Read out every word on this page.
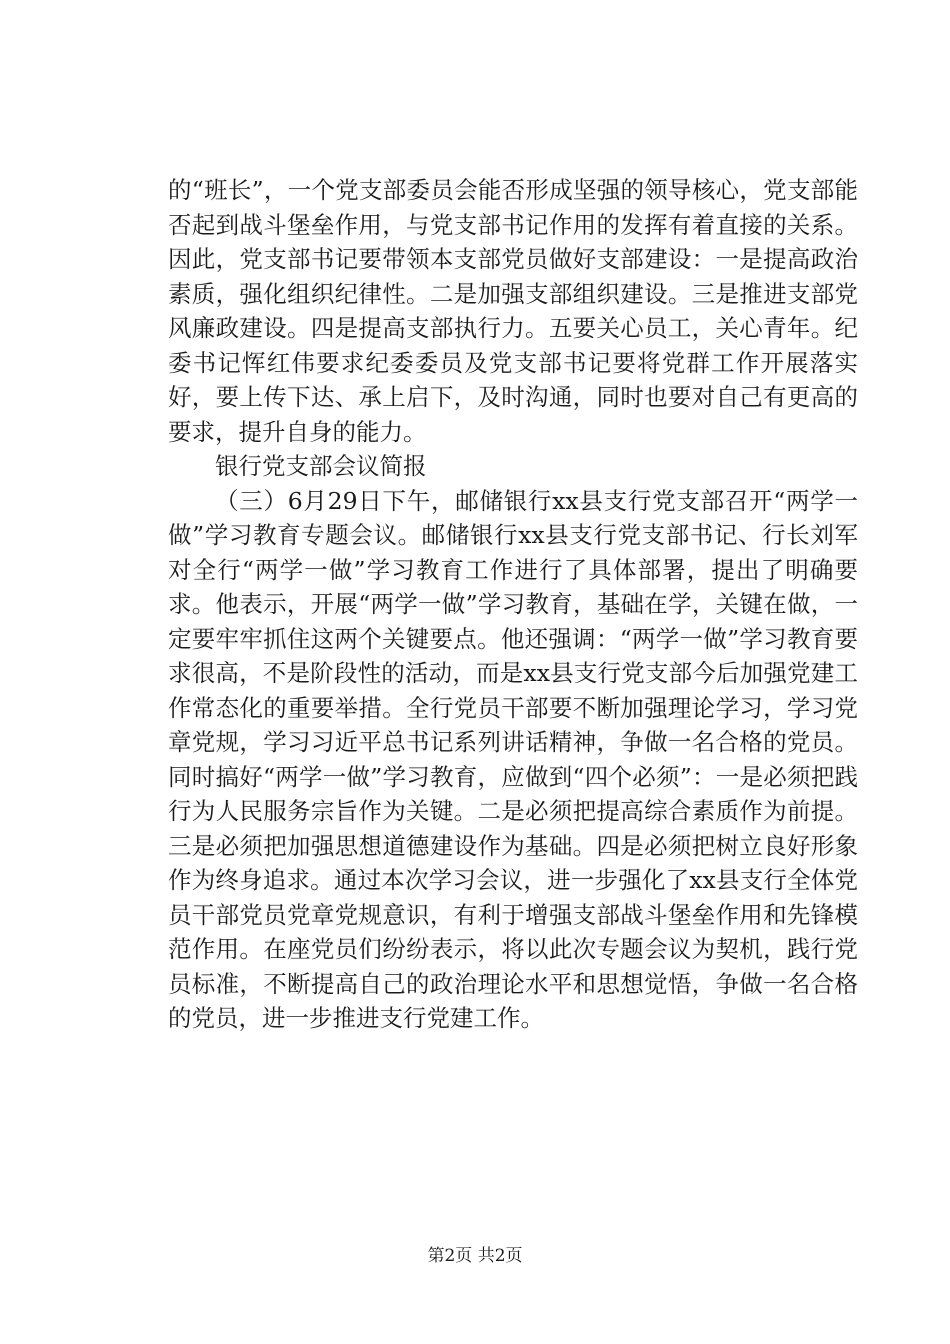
的“班长”，一个党支部委员会能否形成坚强的领导核心，党支部能否起到战斗堡垒作用，与党支部书记作用的发挥有着直接的关系。因此，党支部书记要带领本支部党员做好支部建设：一是提高政治素质，强化组织纪律性。二是加强支部组织建设。三是推进支部党风廉政建设。四是提高支部执行力。五要关心员工，关心青年。纪委书记恽红伟要求纪委委员及党支部书记要将党群工作开展落实好，要上传下达、承上启下，及时沟通，同时也要对自己有更高的要求，提升自身的能力。

银行党支部会议简报

（三）6月29日下午，邮储银行xx县支行党支部召开“两学一做”学习教育专题会议。邮储银行xx县支行党支部书记、行长刘军对全行“两学一做”学习教育工作进行了具体部署，提出了明确要求。他表示，开展“两学一做”学习教育，基础在学，关键在做，一定要牢牢抓住这两个关键要点。他还强调：“两学一做”学习教育要求很高，不是阶段性的活动，而是xx县支行党支部今后加强党建工作常态化的重要举措。全行党员干部要不断加强理论学习，学习党章党规，学习习近平总书记系列讲话精神，争做一名合格的党员。同时搞好“两学一做”学习教育，应做到“四个必须”：一是必须把践行为人民服务宗旨作为关键。二是必须把提高综合素质作为前提。三是必须把加强思想道德建设作为基础。四是必须把树立良好形象作为终身追求。通过本次学习会议，进一步强化了xx县支行全体党员干部党员党章党规意识，有利于增强支部战斗堡垒作用和先锋模范作用。在座党员们纷纷表示，将以此次专题会议为契机，践行党员标准，不断提高自己的政治理论水平和思想觉悟，争做一名合格的党员，进一步推进支行党建工作。

第2页 共2页
